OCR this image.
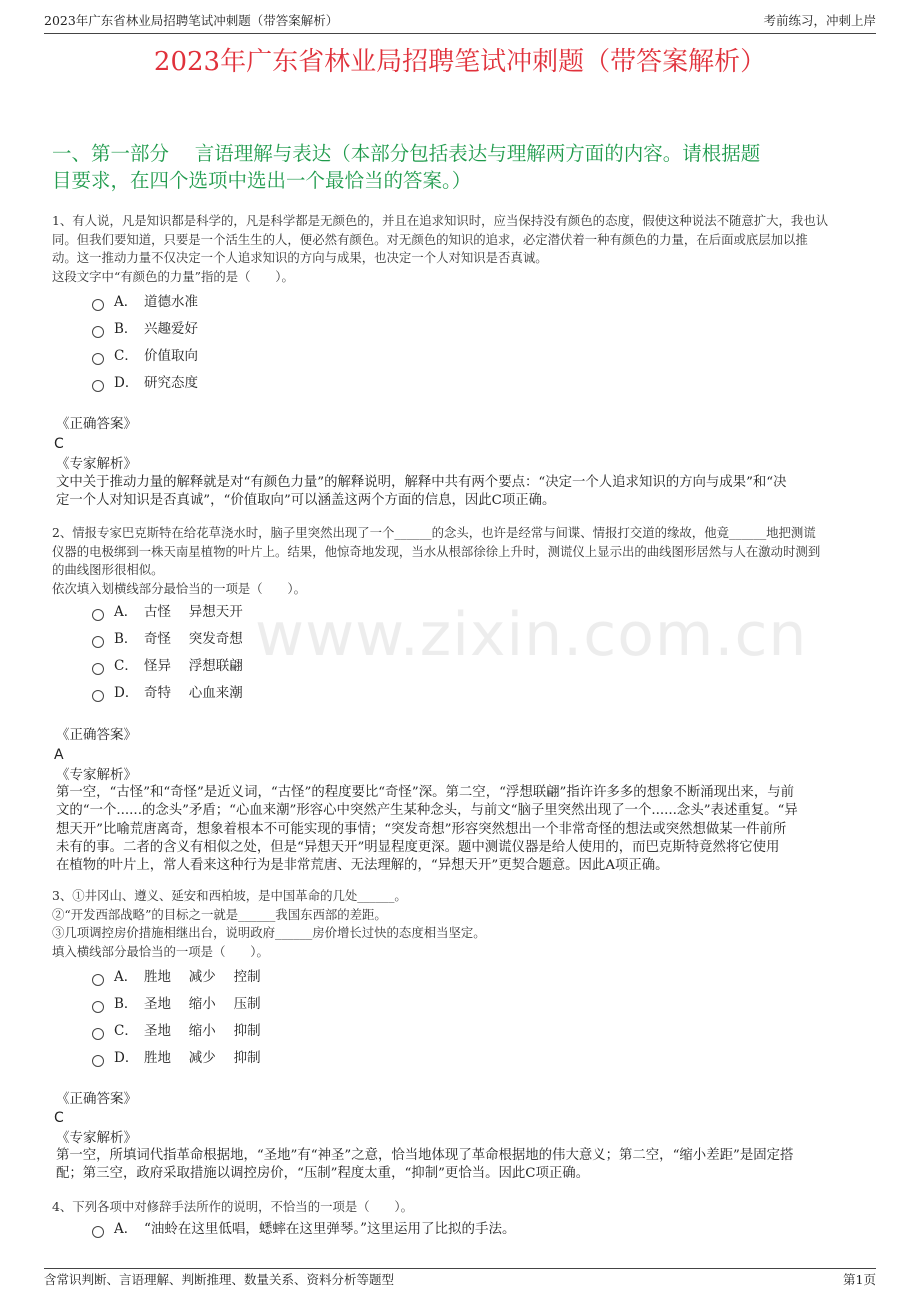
2023年广东省林业局招聘笔试冲刺题（带答案解析）	考前练习，冲刺上岸
2023年广东省林业局招聘笔试冲刺题（带答案解析）
一、第一部分　 言语理解与表达（本部分包括表达与理解两方面的内容。请根据题
目要求，在四个选项中选出一个最恰当的答案。）
www.zixin.com.cn
1、有人说，凡是知识都是科学的，凡是科学都是无颜色的，并且在追求知识时，应当保持没有颜色的态度，假使这种说法不随意扩大，我也认
同。但我们要知道，只要是一个活生生的人，便必然有颜色。对无颜色的知识的追求，必定潜伏着一种有颜色的力量，在后面或底层加以推
动。这一推动力量不仅决定一个人追求知识的方向与成果，也决定一个人对知识是否真诚。
这段文字中“有颜色的力量”指的是（　　）。
A． 道德水准
B． 兴趣爱好
C． 价值取向
D． 研究态度
《正确答案》
C
《专家解析》
文中关于推动力量的解释就是对“有颜色力量”的解释说明，解释中共有两个要点：“决定一个人追求知识的方向与成果”和“决
定一个人对知识是否真诚”，“价值取向”可以涵盖这两个方面的信息，因此C项正确。
2、情报专家巴克斯特在给花草浇水时，脑子里突然出现了一个______的念头，也许是经常与间谍、情报打交道的缘故，他竟______地把测谎
仪器的电极绑到一株天南星植物的叶片上。结果，他惊奇地发现，当水从根部徐徐上升时，测谎仪上显示出的曲线图形居然与人在激动时测到
的曲线图形很相似。
依次填入划横线部分最恰当的一项是（　　）。
A． 古怪　 异想天开
B． 奇怪　 突发奇想
C． 怪异　 浮想联翩
D． 奇特　 心血来潮
《正确答案》
A
《专家解析》
第一空，“古怪”和“奇怪”是近义词，“古怪”的程度要比“奇怪”深。第二空，“浮想联翩”指许许多多的想象不断涌现出来，与前
文的“一个......的念头”矛盾；“心血来潮”形容心中突然产生某种念头，与前文“脑子里突然出现了一个......念头”表述重复。“异
想天开”比喻荒唐离奇，想象着根本不可能实现的事情；“突发奇想”形容突然想出一个非常奇怪的想法或突然想做某一件前所
未有的事。二者的含义有相似之处，但是“异想天开”明显程度更深。题中测谎仪器是给人使用的，而巴克斯特竟然将它使用
在植物的叶片上，常人看来这种行为是非常荒唐、无法理解的，“异想天开”更契合题意。因此A项正确。
3、①井冈山、遵义、延安和西柏坡，是中国革命的几处______。
②“开发西部战略”的目标之一就是______我国东西部的差距。
③几项调控房价措施相继出台，说明政府______房价增长过快的态度相当坚定。
填入横线部分最恰当的一项是（　　）。
A． 胜地　 减少　 控制
B． 圣地　 缩小　 压制
C． 圣地　 缩小　 抑制
D． 胜地　 减少　 抑制
《正确答案》
C
《专家解析》
第一空，所填词代指革命根据地，“圣地”有“神圣”之意，恰当地体现了革命根据地的伟大意义；第二空，“缩小差距”是固定搭
配；第三空，政府采取措施以调控房价，“压制”程度太重，“抑制”更恰当。因此C项正确。
4、下列各项中对修辞手法所作的说明，不恰当的一项是（　　）。
A． “油蛉在这里低唱，蟋蟀在这里弹琴。”这里运用了比拟的手法。
含常识判断、言语理解、判断推理、数量关系、资料分析等题型	第1页
